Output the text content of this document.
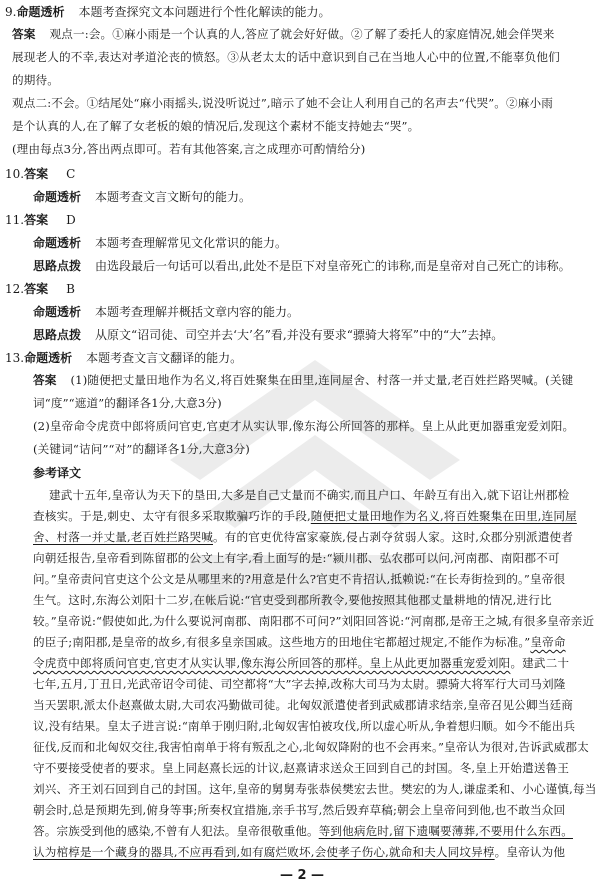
9.命题透析 本题考查探究文本问题进行个性化解读的能力。
答案 观点一:会。①麻小雨是一个认真的人,答应了就会好好做。②了解了委托人的家庭情况,她会佯哭来
展现老人的不幸,表达对孝道沦丧的愤怒。③从老太太的话中意识到自己在当地人心中的位置,不能辜负他们
的期待。
观点二:不会。①结尾处“麻小雨摇头,说没听说过”,暗示了她不会让人利用自己的名声去“代哭”。②麻小雨
是个认真的人,在了解了女老板的娘的情况后,发现这个素材不能支持她去“哭”。
(理由每点3分,答出两点即可。若有其他答案,言之成理亦可酌情给分)
10.答案 C
命题透析 本题考查文言文断句的能力。
11.答案 D
命题透析 本题考查理解常见文化常识的能力。
思路点拨 由选段最后一句话可以看出,此处不是臣下对皇帝死亡的讳称,而是皇帝对自己死亡的讳称。
12.答案 B
命题透析 本题考查理解并概括文章内容的能力。
思路点拨 从原文“诏司徒、司空并去‘大’名”看,并没有要求“骠骑大将军”中的“大”去掉。
13.命题透析 本题考查文言文翻译的能力。
答案 (1)随便把丈量田地作为名义,将百姓聚集在田里,连同屋舍、村落一并丈量,老百姓拦路哭喊。(关键
词“度”“遮道”的翻译各1分,大意3分)
(2)皇帝命令虎贲中郎将质问官吏,官吏才从实认罪,像东海公所回答的那样。皇上从此更加器重宠爱刘阳。
(关键词“诘问”“对”的翻译各1分,大意3分)
参考译文
建武十五年,皇帝认为天下的垦田,大多是自己丈量而不确实,而且户口、年龄互有出入,就下诏让州郡检
查核实。于是,刺史、太守有很多采取欺骗巧诈的手段,随便把丈量田地作为名义,将百姓聚集在田里,连同屋
舍、村落一并丈量,老百姓拦路哭喊。有的官吏优待富家豪族,侵占剥夺贫弱人家。这时,众郡分别派遣使者
向朝廷报告,皇帝看到陈留郡的公文上有字,看上面写的是:“颍川郡、弘农郡可以问,河南郡、南阳郡不可
问。”皇帝责问官吏这个公文是从哪里来的?用意是什么?官吏不肯招认,抵赖说:“在长寿街捡到的。”皇帝很
生气。这时,东海公刘阳十二岁,在帐后说:“官吏受到郡所教令,要他按照其他郡丈量耕地的情况,进行比
较。”皇帝说:“假使如此,为什么要说河南郡、南阳郡不可问?”刘阳回答说:“河南郡,是帝王之城,有很多皇帝亲近
的臣子;南阳郡,是皇帝的故乡,有很多皇亲国戚。这些地方的田地住宅都超过规定,不能作为标准。”皇帝命
令虎贲中郎将质问官吏,官吏才从实认罪,像东海公所回答的那样。皇上从此更加器重宠爱刘阳。建武二十
七年,五月,丁丑日,光武帝诏令司徒、司空都将“大”字去掉,改称大司马为太尉。骠骑大将军行大司马刘隆
当天罢职,派太仆赵熹做太尉,大司农冯勤做司徒。北匈奴派遣使者到武威郡请求结亲,皇帝召见公卿当廷商
议,没有结果。皇太子进言说:“南单于刚归附,北匈奴害怕被攻伐,所以虚心听从,争着想归顺。如今不能出兵
征伐,反而和北匈奴交往,我害怕南单于将有叛乱之心,北匈奴降附的也不会再来。”皇帝认为很对,告诉武威郡太
守不要接受使者的要求。皇上同赵熹长远的计议,赵熹请求送众王回到自己的封国。冬,皇上开始遣送鲁王
刘兴、齐王刘石回到自己的封国。这年,皇帝的舅舅寿张恭侯樊宏去世。樊宏的为人,谦虚柔和、小心谨慎,每当
朝会时,总是预期先到,俯身等事;所奏权宜措施,亲手书写,然后毁弃草稿;朝会上皇帝问到他,也不敢当众回
— 2 —
答。宗族受到他的感染,不曾有人犯法。皇帝很敬重他。等到他病危时,留下遗嘱要薄葬,不要用什么东西。
认为棺椁是一个藏身的器具,不应再看到,如有腐烂败坏,会使孝子伤心,就命和夫人同坟异椁。皇帝认为他
